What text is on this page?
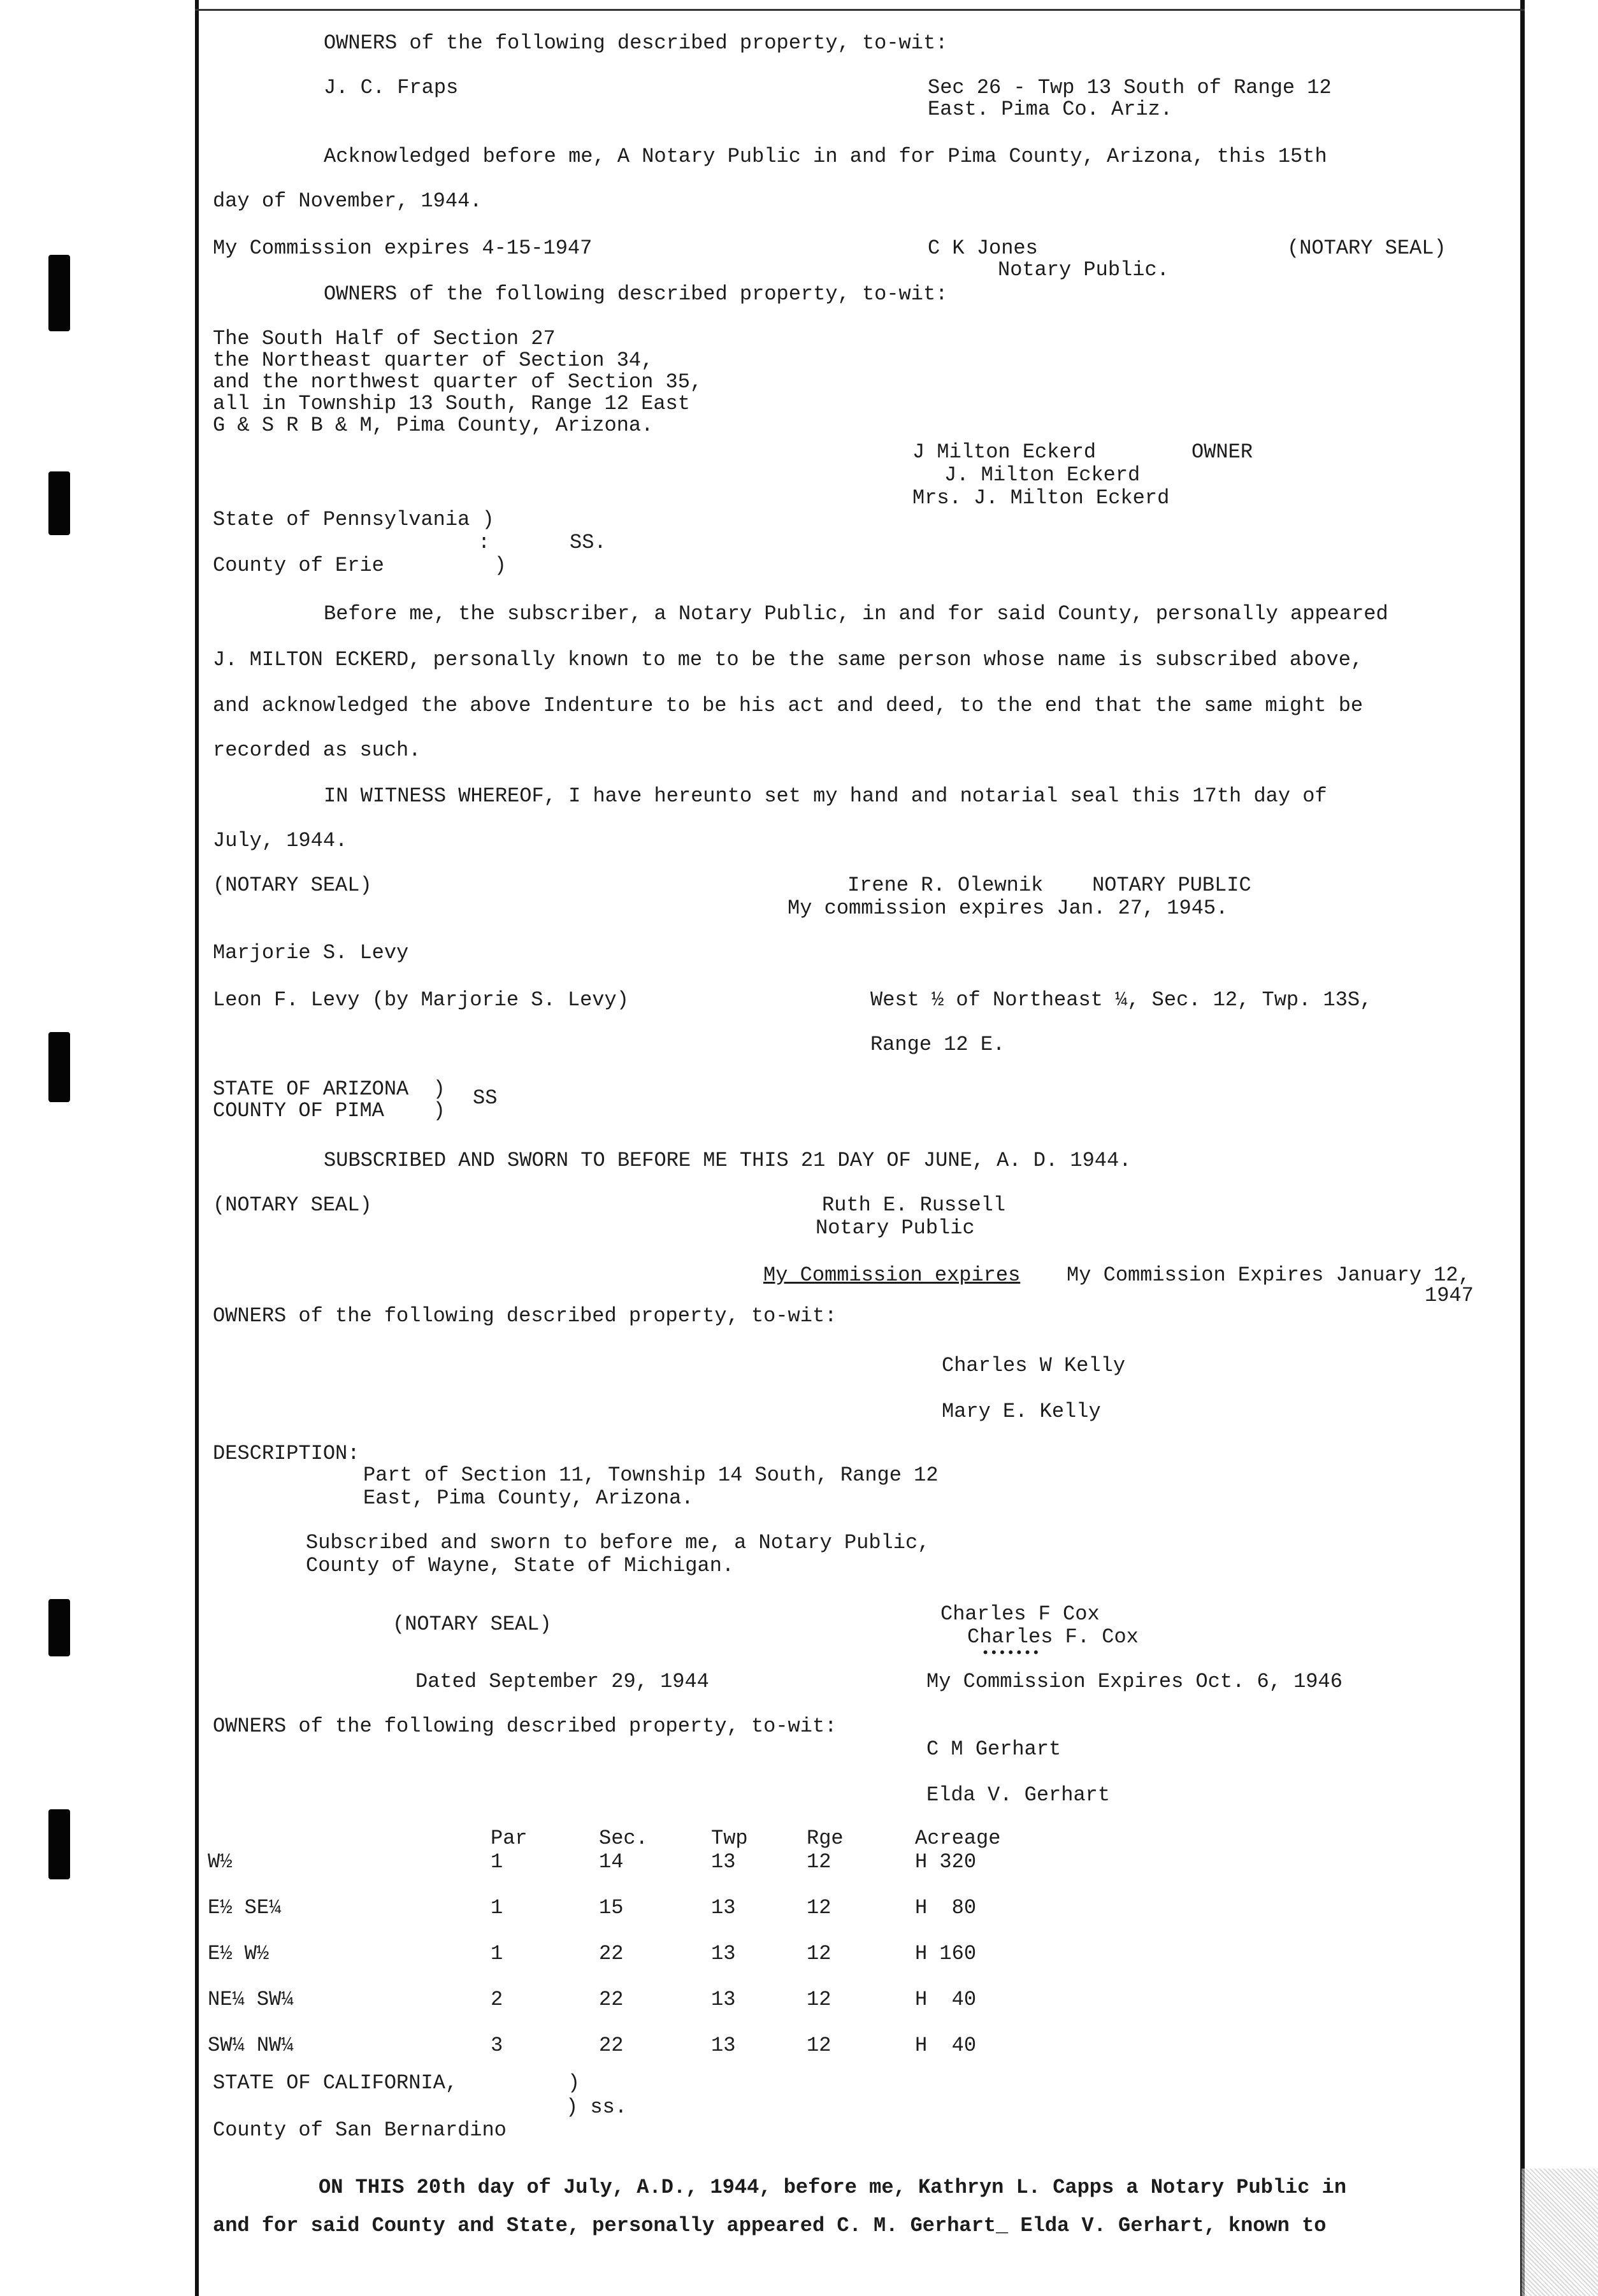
OWNERS of the following described property, to-wit:
J. C. Fraps	Sec 26 - Twp 13 South of Range 12
East. Pima Co. Ariz.
Acknowledged before me, A Notary Public in and for Pima County, Arizona, this 15th
day of November, 1944.
My Commission expires 4-15-1947	C K Jones	(NOTARY SEAL)
Notary Public.
OWNERS of the following described property, to-wit:
The South Half of Section 27
the Northeast quarter of Section 34,
and the northwest quarter of Section 35,
all in Township 13 South, Range 12 East
G & S R B & M, Pima County, Arizona.
J Milton Eckerd	OWNER
J. Milton Eckerd
Mrs. J. Milton Eckerd
State of Pennsylvania )
:	SS.
County of Erie         )
Before me, the subscriber, a Notary Public, in and for said County, personally appeared
J. MILTON ECKERD, personally known to me to be the same person whose name is subscribed above,
and acknowledged the above Indenture to be his act and deed, to the end that the same might be
recorded as such.
IN WITNESS WHEREOF, I have hereunto set my hand and notarial seal this 17th day of
July, 1944.
(NOTARY SEAL)	Irene R. Olewnik    NOTARY PUBLIC
My commission expires Jan. 27, 1945.
Marjorie S. Levy
Leon F. Levy (by Marjorie S. Levy)	West ½ of Northeast ¼, Sec. 12, Twp. 13S,
Range 12 E.
STATE OF ARIZONA  )
COUNTY OF PIMA    )
SS
SUBSCRIBED AND SWORN TO BEFORE ME THIS 21 DAY OF JUNE, A. D. 1944.
(NOTARY SEAL)	Ruth E. Russell
Notary Public
My Commission expires My Commission Expires January 12,
1947
OWNERS of the following described property, to-wit:
Charles W Kelly
Mary E. Kelly
DESCRIPTION:
Part of Section 11, Township 14 South, Range 12
East, Pima County, Arizona.
Subscribed and sworn to before me, a Notary Public,
County of Wayne, State of Michigan.
(NOTARY SEAL)	Charles F Cox
Charles F. Cox
•••••••
Dated September 29, 1944	My Commission Expires Oct. 6, 1946
OWNERS of the following described property, to-wit:
C M Gerhart
Elda V. Gerhart
	Par	Sec.	Twp	Rge	Acreage
W½	1	14	13	12	H 320
E½ SE¼	1	15	13	12	H  80
E½ W½	1	22	13	12	H 160
NE¼ SW¼	2	22	13	12	H  40
SW¼ NW¼	3	22	13	12	H  40
STATE OF CALIFORNIA,         )
) ss.
County of San Bernardino
ON THIS 20th day of July, A.D., 1944, before me, Kathryn L. Capps a Notary Public in
and for said County and State, personally appeared C. M. Gerhart_ Elda V. Gerhart, known to
